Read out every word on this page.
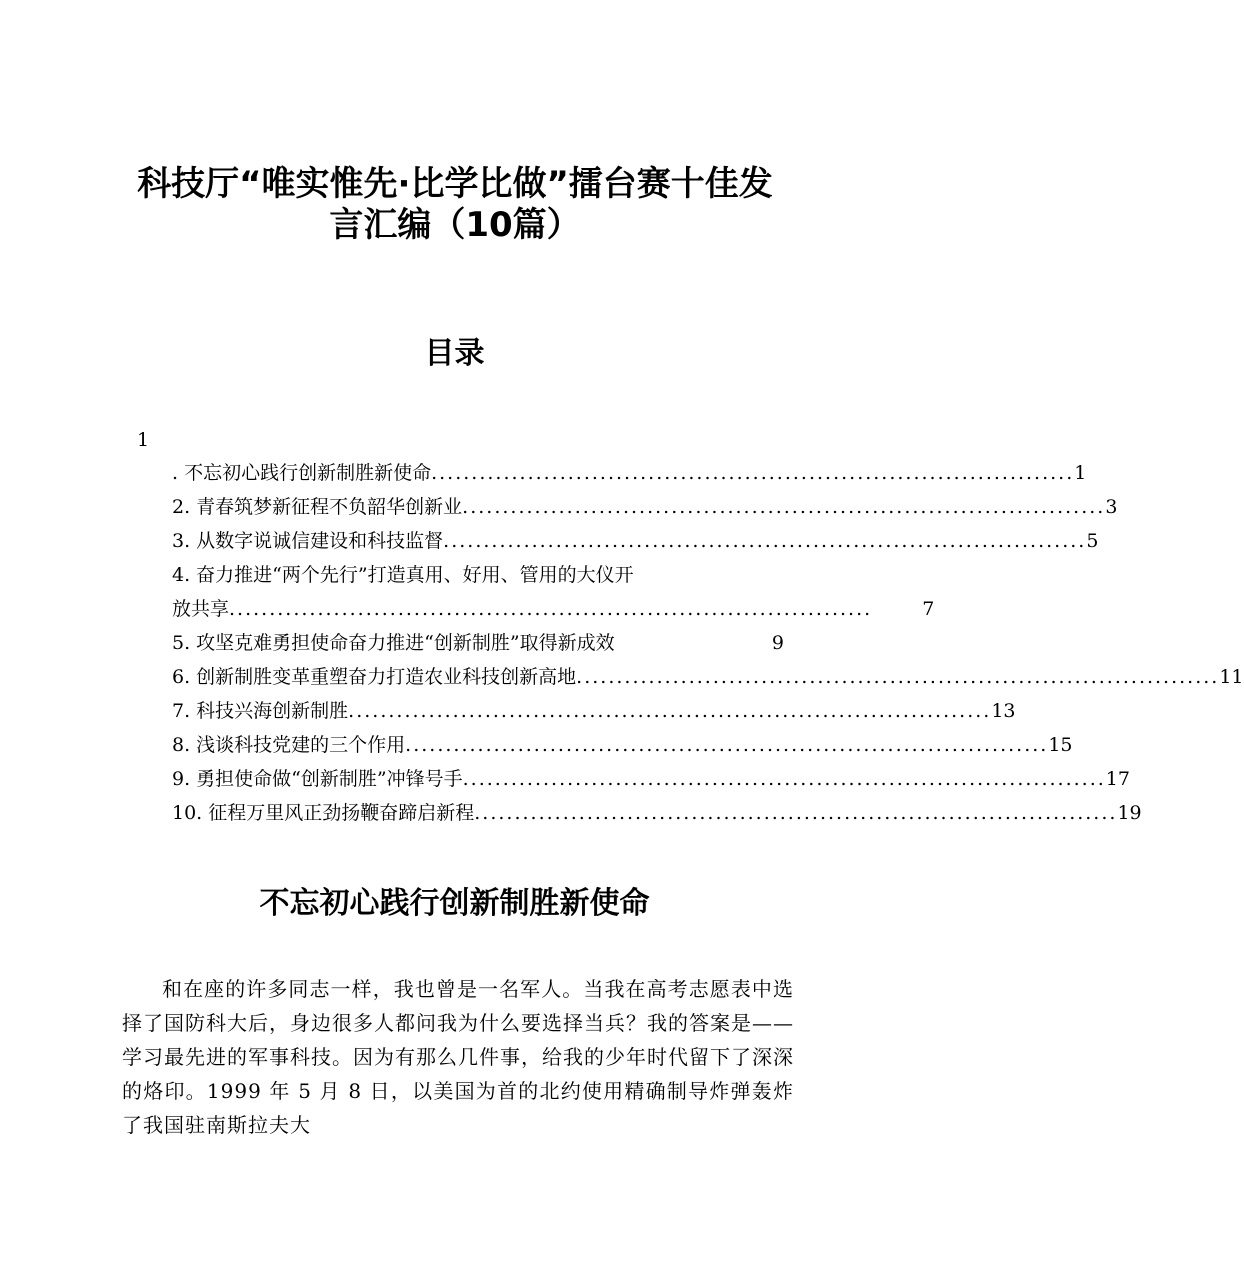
科技厅“唯实惟先·比学比做”擂台赛十佳发
言汇编（10篇）
目录
1
. 不忘初心践行创新制胜新使命 ................................................................................ 1
2. 青春筑梦新征程不负韶华创新业 ................................................................................ 3
3. 从数字说诚信建设和科技监督 ................................................................................ 5
4. 奋力推进“两个先行”打造真用、好用、管用的大仪开
放共享 ................................................................................	7
5. 攻坚克难勇担使命奋力推进“创新制胜”取得新成效	9
6. 创新制胜变革重塑奋力打造农业科技创新高地 ................................................................................ 11
7. 科技兴海创新制胜 ................................................................................ 13
8. 浅谈科技党建的三个作用 ................................................................................ 15
9. 勇担使命做“创新制胜”冲锋号手 ................................................................................ 17
10. 征程万里风正劲扬鞭奋蹄启新程 ................................................................................ 19
不忘初心践行创新制胜新使命

和在座的许多同志一样，我也曾是一名军人。当我在高考志愿表中选择了国防科大后，身边很多人都问我为什么要选择当兵？我的答案是——学习最先进的军事科技。因为有那么几件事，给我的少年时代留下了深深的烙印。1999 年 5 月 8 日，以美国为首的北约使用精确制导炸弹轰炸了我国驻南斯拉夫大
